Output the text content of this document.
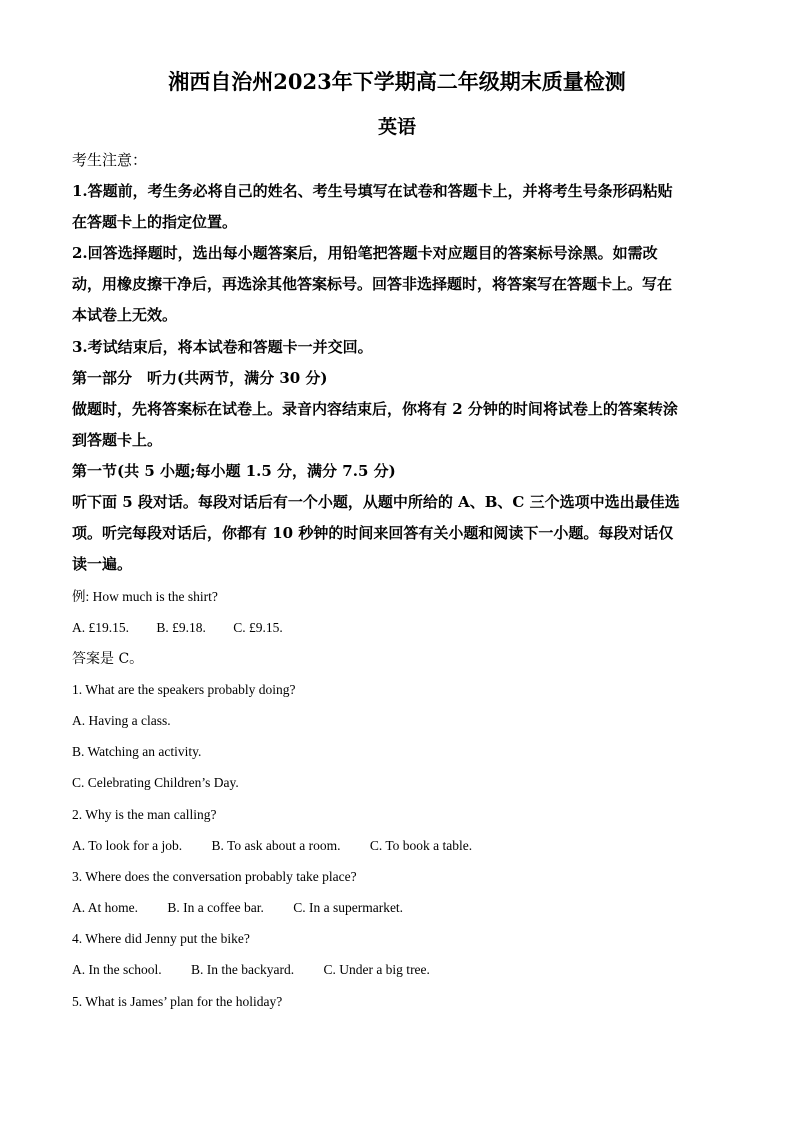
湘西自治州2023年下学期高二年级期末质量检测
英语
考生注意：
1.答题前，考生务必将自己的姓名、考生号填写在试卷和答题卡上，并将考生号条形码粘贴
在答题卡上的指定位置。
2.回答选择题时，选出每小题答案后，用铅笔把答题卡对应题目的答案标号涂黑。如需改
动，用橡皮擦干净后，再选涂其他答案标号。回答非选择题时，将答案写在答题卡上。写在
本试卷上无效。
3.考试结束后，将本试卷和答题卡一并交回。
第一部分　听力(共两节，满分 30 分)
做题时，先将答案标在试卷上。录音内容结束后，你将有 2 分钟的时间将试卷上的答案转涂
到答题卡上。
第一节(共 5 小题;每小题 1.5 分，满分 7.5 分)
听下面 5 段对话。每段对话后有一个小题，从题中所给的 A、B、C 三个选项中选出最佳选
项。听完每段对话后，你都有 10 秒钟的时间来回答有关小题和阅读下一小题。每段对话仅
读一遍。
例: How much is the shirt?
A. £19.15. B. £9.18. C. £9.15.
答案是 C。
1. What are the speakers probably doing?
A. Having a class.
B. Watching an activity.
C. Celebrating Children’s Day.
2. Why is the man calling?
A. To look for a job. B. To ask about a room. C. To book a table.
3. Where does the conversation probably take place?
A. At home. B. In a coffee bar. C. In a supermarket.
4. Where did Jenny put the bike?
A. In the school. B. In the backyard. C. Under a big tree.
5. What is James’ plan for the holiday?
